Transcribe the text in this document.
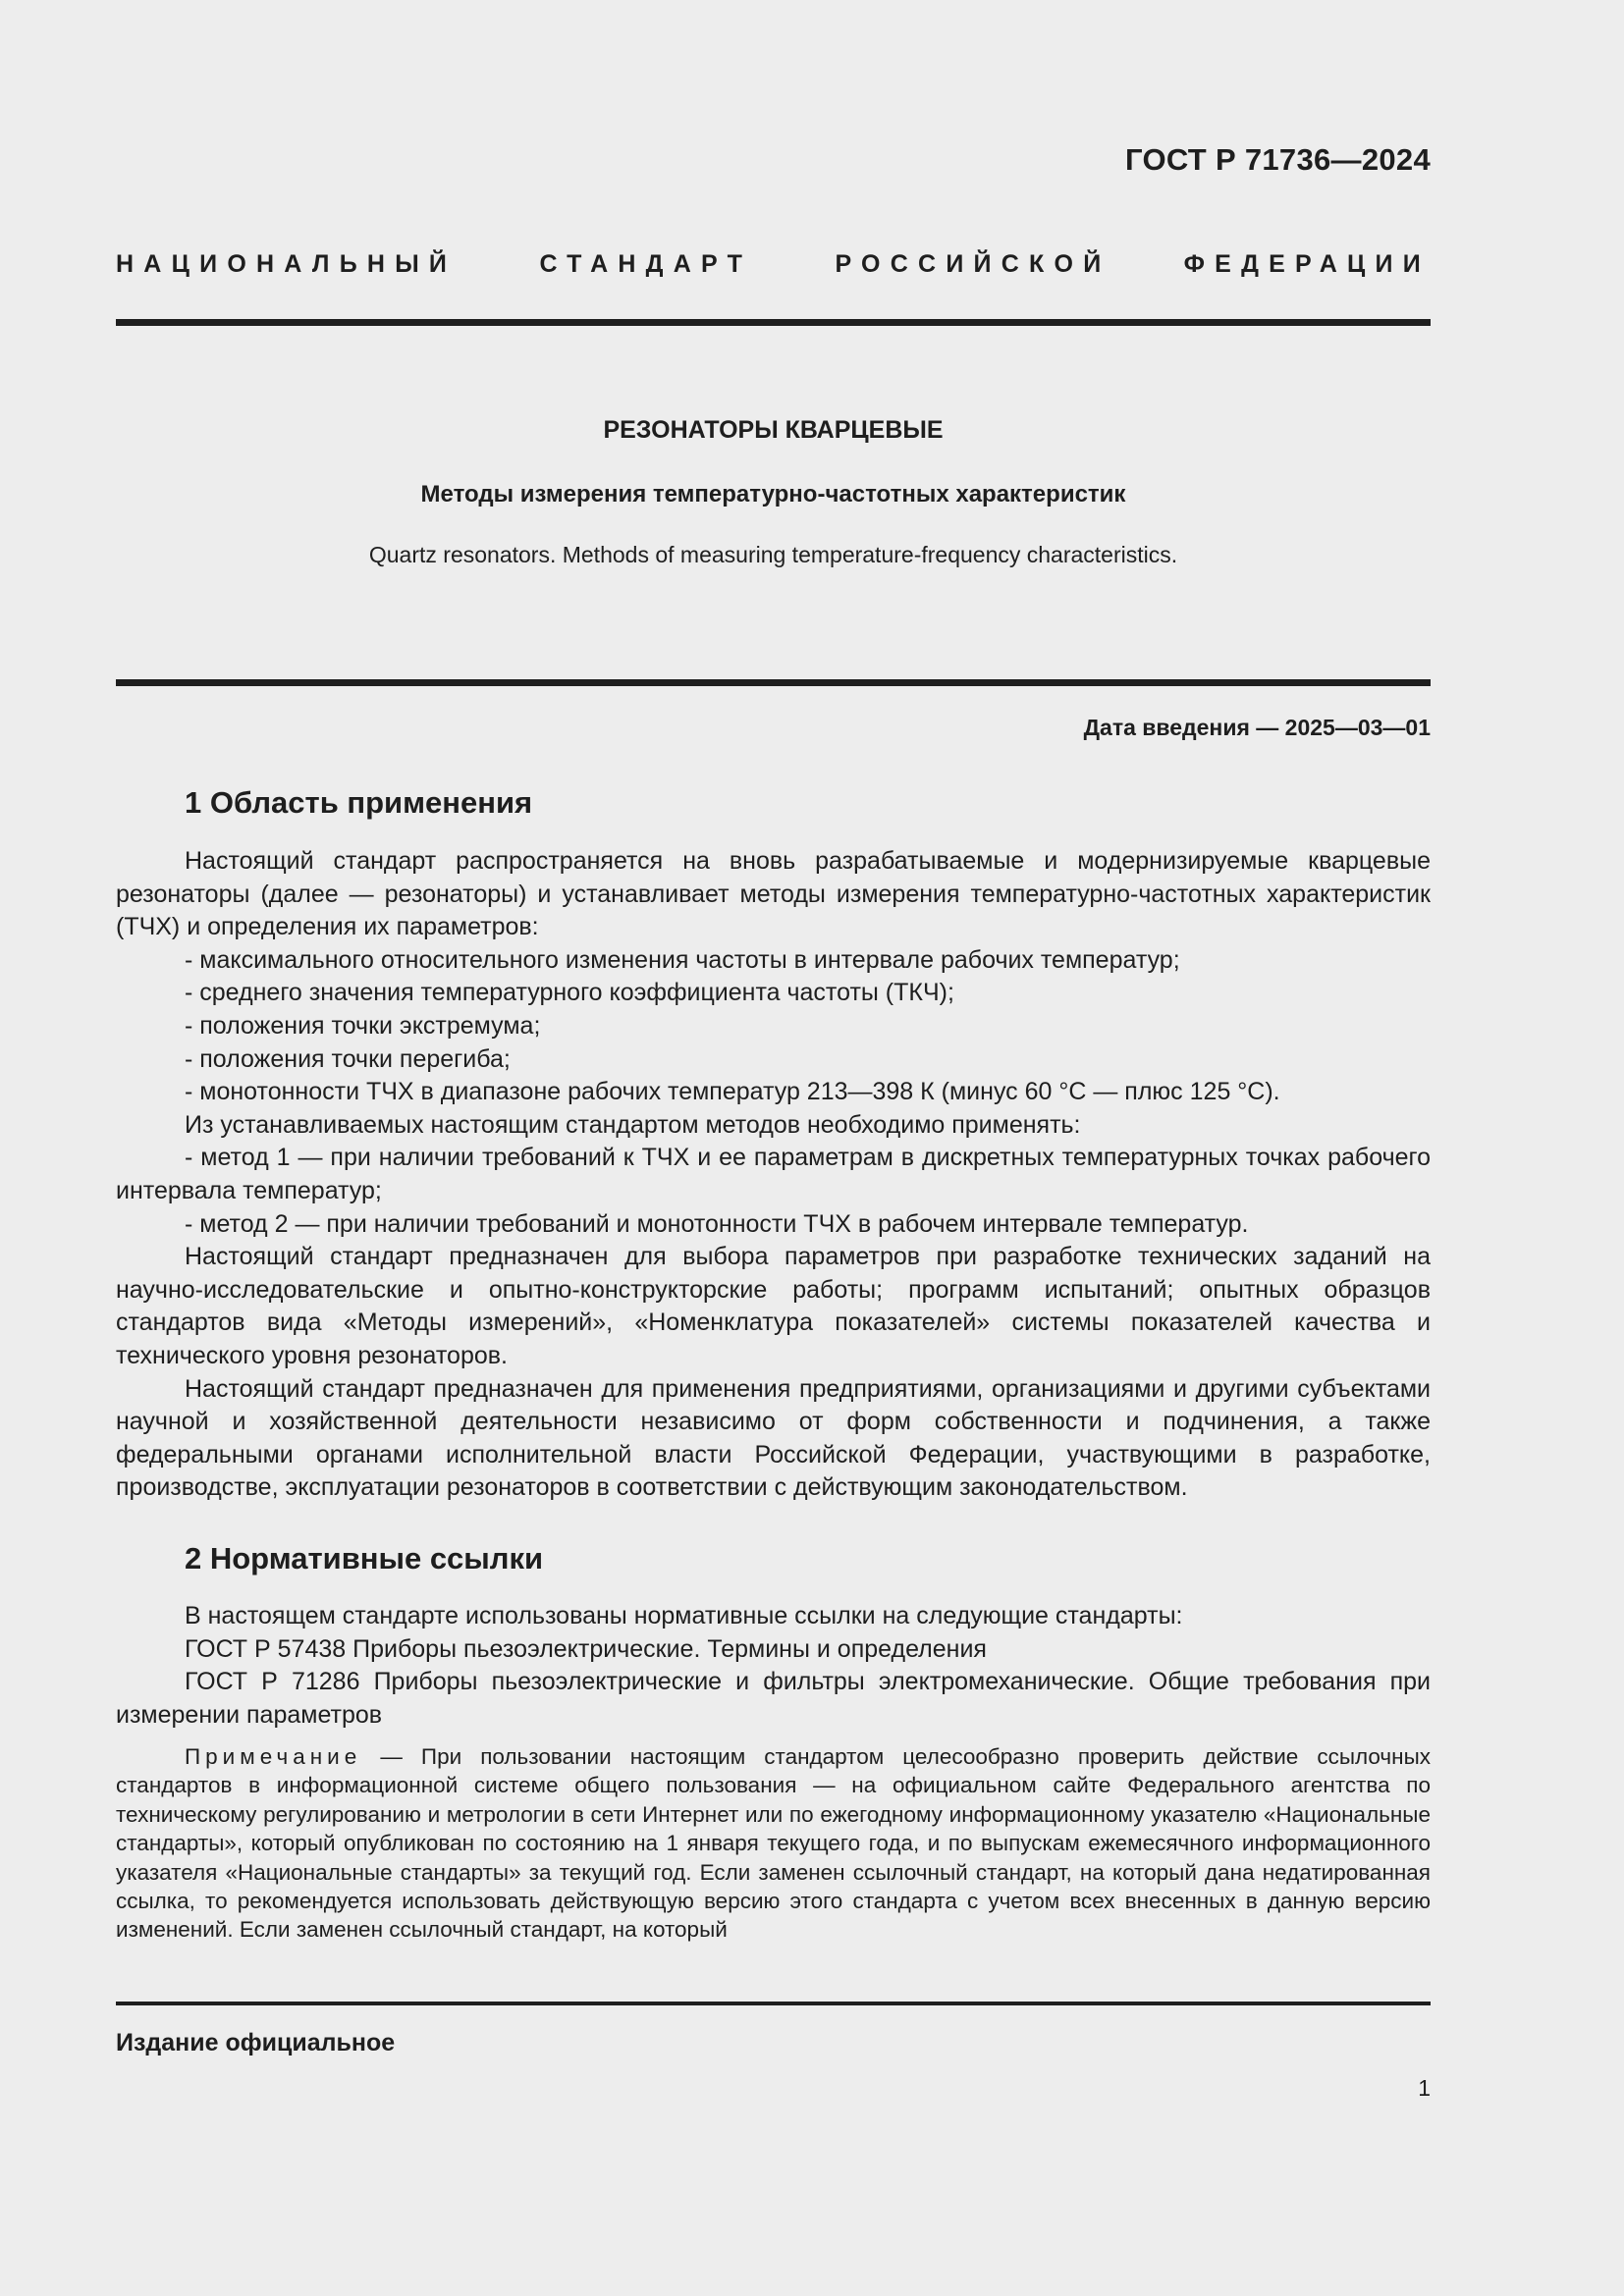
ГОСТ Р 71736—2024
НАЦИОНАЛЬНЫЙ	СТАНДАРТ	РОССИЙСКОЙ	ФЕДЕРАЦИИ
РЕЗОНАТОРЫ КВАРЦЕВЫЕ
Методы измерения температурно-частотных характеристик
Quartz resonators. Methods of measuring temperature-frequency characteristics.
Дата введения — 2025—03—01
1 Область применения

Настоящий стандарт распространяется на вновь разрабатываемые и модернизируемые кварцевые резонаторы (далее — резонаторы) и устанавливает методы измерения температурно-частотных характеристик (ТЧХ) и определения их параметров:

- максимального относительного изменения частоты в интервале рабочих температур;

- среднего значения температурного коэффициента частоты (ТКЧ);

- положения точки экстремума;

- положения точки перегиба;

- монотонности ТЧХ в диапазоне рабочих температур 213—398 К (минус 60 °С — плюс 125 °С).

Из устанавливаемых настоящим стандартом методов необходимо применять:

- метод 1 — при наличии требований к ТЧХ и ее параметрам в дискретных температурных точках рабочего интервала температур;

- метод 2 — при наличии требований и монотонности ТЧХ в рабочем интервале температур.

Настоящий стандарт предназначен для выбора параметров при разработке технических заданий на научно-исследовательские и опытно-конструкторские работы; программ испытаний; опытных образцов стандартов вида «Методы измерений», «Номенклатура показателей» системы показателей качества и технического уровня резонаторов.

Настоящий стандарт предназначен для применения предприятиями, организациями и другими субъектами научной и хозяйственной деятельности независимо от форм собственности и подчинения, а также федеральными органами исполнительной власти Российской Федерации, участвующими в разработке, производстве, эксплуатации резонаторов в соответствии с действующим законодательством.

2 Нормативные ссылки

В настоящем стандарте использованы нормативные ссылки на следующие стандарты:

ГОСТ Р 57438 Приборы пьезоэлектрические. Термины и определения

ГОСТ Р 71286 Приборы пьезоэлектрические и фильтры электромеханические. Общие требования при измерении параметров

Примечание — При пользовании настоящим стандартом целесообразно проверить действие ссылочных стандартов в информационной системе общего пользования — на официальном сайте Федерального агентства по техническому регулированию и метрологии в сети Интернет или по ежегодному информационному указателю «Национальные стандарты», который опубликован по состоянию на 1 января текущего года, и по выпускам ежемесячного информационного указателя «Национальные стандарты» за текущий год. Если заменен ссылочный стандарт, на который дана недатированная ссылка, то рекомендуется использовать действующую версию этого стандарта с учетом всех внесенных в данную версию изменений. Если заменен ссылочный стандарт, на который

Издание официальное
1
